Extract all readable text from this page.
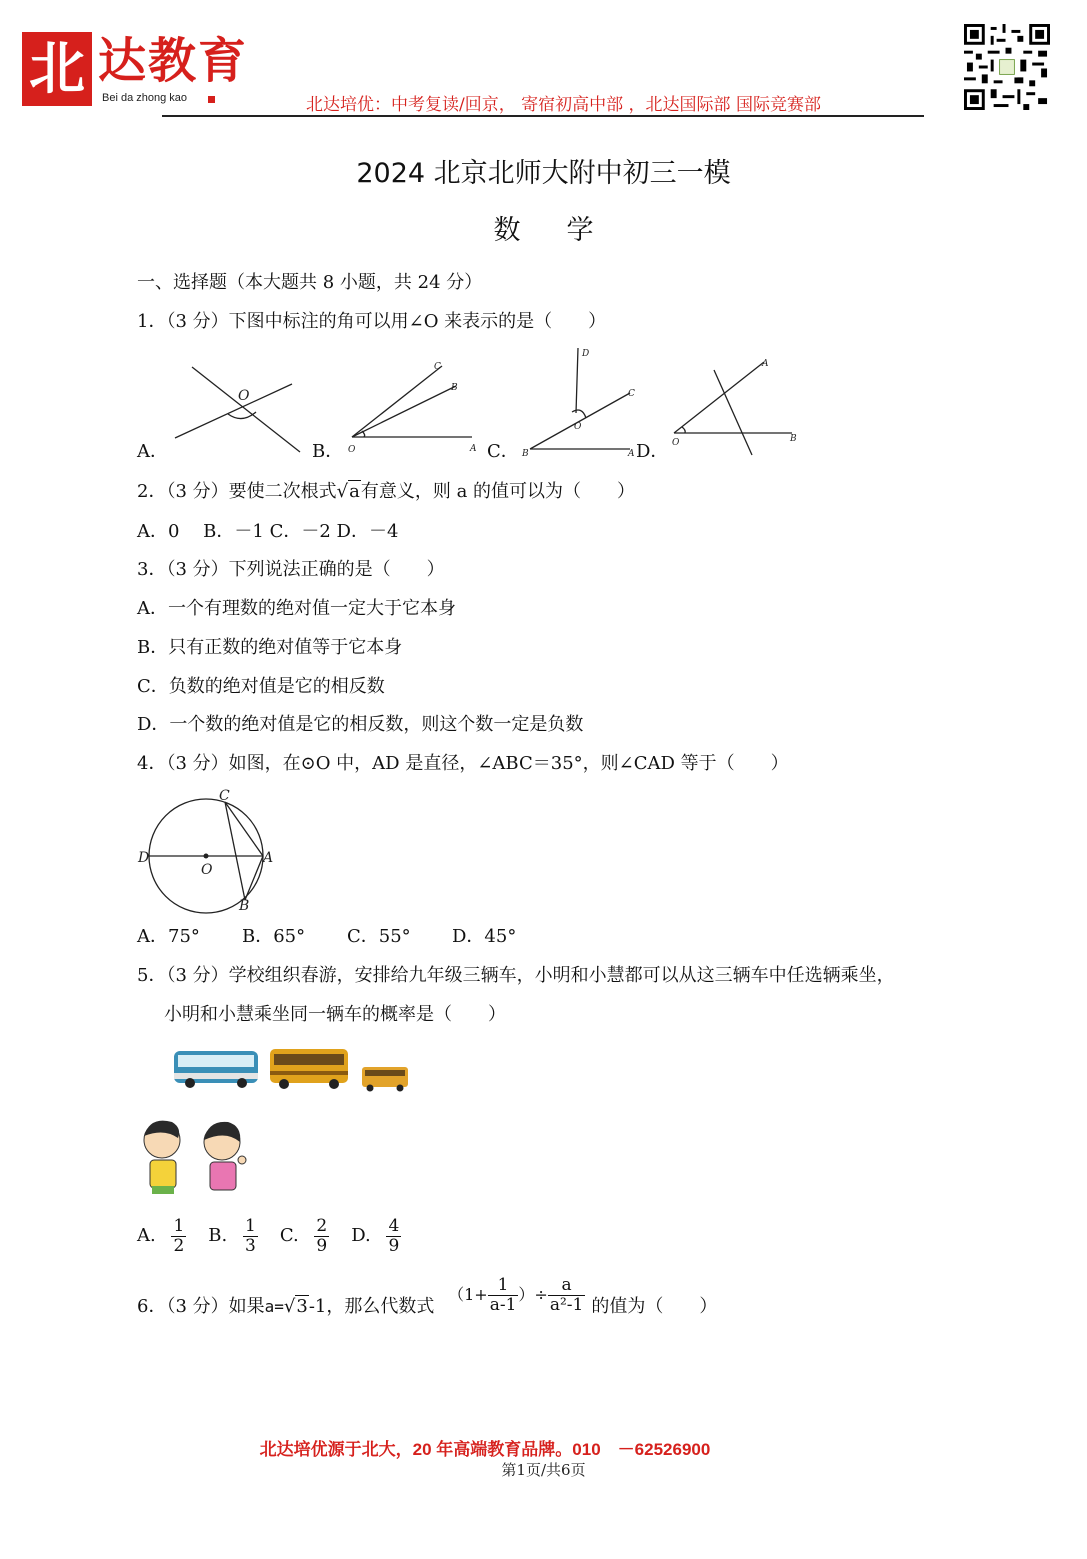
北 达教育
Bei da zhong kao	北达培优：中考复读/回京， 寄宿初高中部 ，北达国际部 国际竞赛部
2024 北京北师大附中初三一模
数学
一、选择题（本大题共 8 小题，共 24 分）
1．（3 分）下图中标注的角可以用∠O 来表示的是（　　）
O
C
B
O	A
D
C
O
B	A
A
O	B
A．	B．	C．	D．
2．（3 分）要使二次根式√a有意义，则 a 的值可以为（　　）
A．0　 B．－1 C．－2 D．－4
3．（3 分）下列说法正确的是（　　）
A．一个有理数的绝对值一定大于它本身
B．只有正数的绝对值等于它本身
C．负数的绝对值是它的相反数
D．一个数的绝对值是它的相反数，则这个数一定是负数
4．（3 分）如图，在⊙O 中，AD 是直径，∠ABC＝35°，则∠CAD 等于（　　）
C
D
O
A
B
A．75° B．65° C．55° D．45°
5．（3 分）学校组织春游，安排给九年级三辆车，小明和小慧都可以从这三辆车中任选辆乘坐，
小明和小慧乘坐同一辆车的概率是（　　）
A. $\frac{1}{2} B$. $\frac{1}{3} C$. $\frac{2}{9} D$. $\frac{4}{9}$
6．（3 分）如果a=√3-1，那么代数式 （$1+ \frac{1}{a-1}$ ）÷ $\frac{a}{\text{a²-1}}$ 的值为（　　）
北达培优源于北大，20 年高端教育品牌。010　－62526900
第1页/共6页
